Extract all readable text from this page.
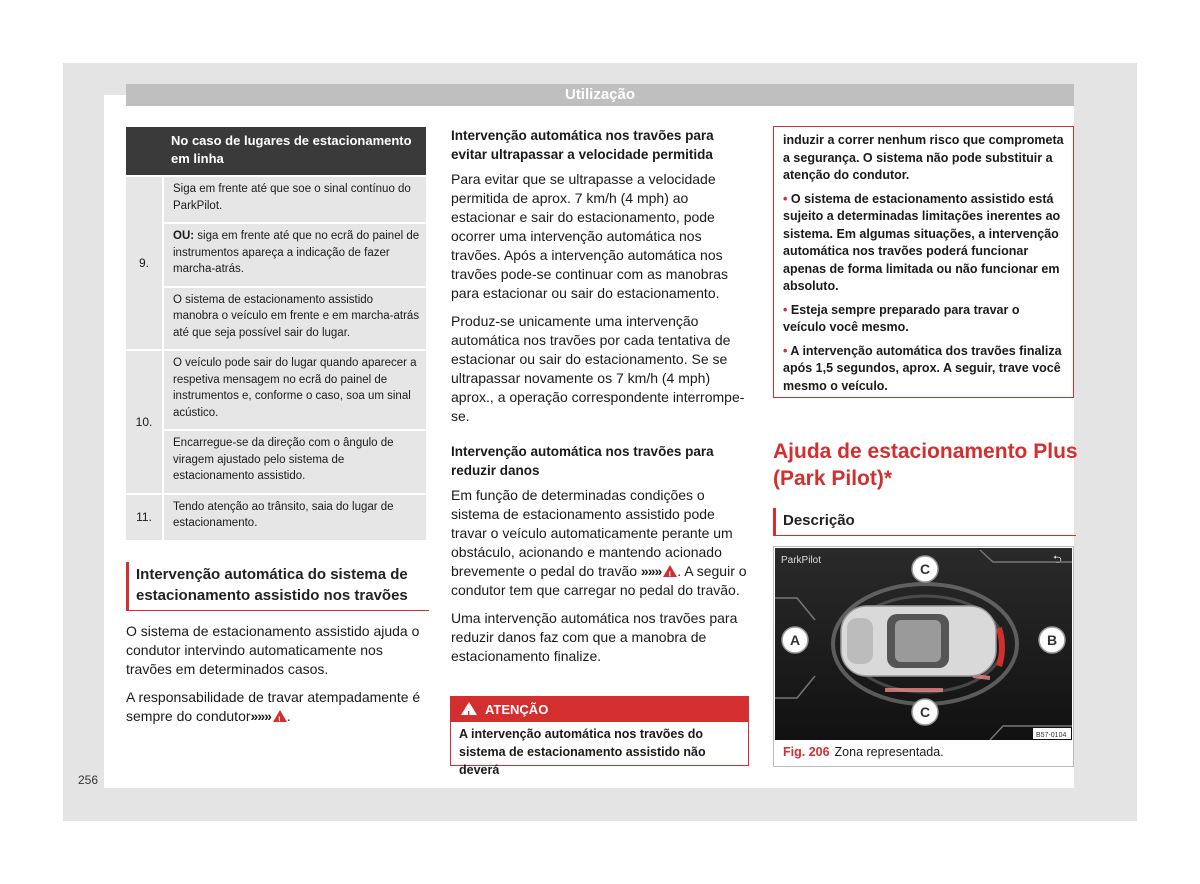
Utilização
	No caso de lugares de estacionamento em linha
9.	Siga em frente até que soe o sinal contínuo do ParkPilot.
	OU: siga em frente até que no ecrã do painel de instrumentos apareça a indicação de fazer marcha-atrás.
	O sistema de estacionamento assistido manobra o veículo em frente e em marcha-atrás até que seja possível sair do lugar.
10.	O veículo pode sair do lugar quando aparecer a respetiva mensagem no ecrã do painel de instrumentos e, conforme o caso, soa um sinal acústico.
	Encarregue-se da direção com o ângulo de viragem ajustado pelo sistema de estacionamento assistido.
11.	Tendo atenção ao trânsito, saia do lugar de estacionamento.
Intervenção automática do sistema de estacionamento assistido nos travões

O sistema de estacionamento assistido ajuda o condutor intervindo automaticamente nos travões em determinados casos.

A responsabilidade de travar atempadamente é sempre do condutor»»» ! .

Intervenção automática nos travões para evitar ultrapassar a velocidade permitida

Para evitar que se ultrapasse a velocidade permitida de aprox. 7 km/h (4 mph) ao estacionar e sair do estacionamento, pode ocorrer uma intervenção automática nos travões. Após a intervenção automática nos travões pode-se continuar com as manobras para estacionar ou sair do estacionamento.

Produz-se unicamente uma intervenção automática nos travões por cada tentativa de estacionar ou sair do estacionamento. Se se ultrapassar novamente os 7 km/h (4 mph) aprox., a operação correspondente interrompe-se.

Intervenção automática nos travões para reduzir danos

Em função de determinadas condições o sistema de estacionamento assistido pode travar o veículo automaticamente perante um obstáculo, acionando e mantendo acionado brevemente o pedal do travão »»» ! . A seguir o condutor tem que carregar no pedal do travão.

Uma intervenção automática nos travões para reduzir danos faz com que a manobra de estacionamento finalize.

!ATENÇÃO
A intervenção automática nos travões do sistema de estacionamento assistido não deverá

induzir a correr nenhum risco que comprometa a segurança. O sistema não pode substituir a atenção do condutor.

• O sistema de estacionamento assistido está sujeito a determinadas limitações inerentes ao sistema. Em algumas situações, a intervenção automática nos travões poderá funcionar apenas de forma limitada ou não funcionar em absoluto.

• Esteja sempre preparado para travar o veículo você mesmo.

• A intervenção automática dos travões finaliza após 1,5 segundos, aprox. A seguir, trave você mesmo o veículo.

Ajuda de estacionamento Plus (Park Pilot)*
Descrição
ParkPilot	⮌
C
A	B
C
B57-0104
Fig. 206 Zona representada.
256
